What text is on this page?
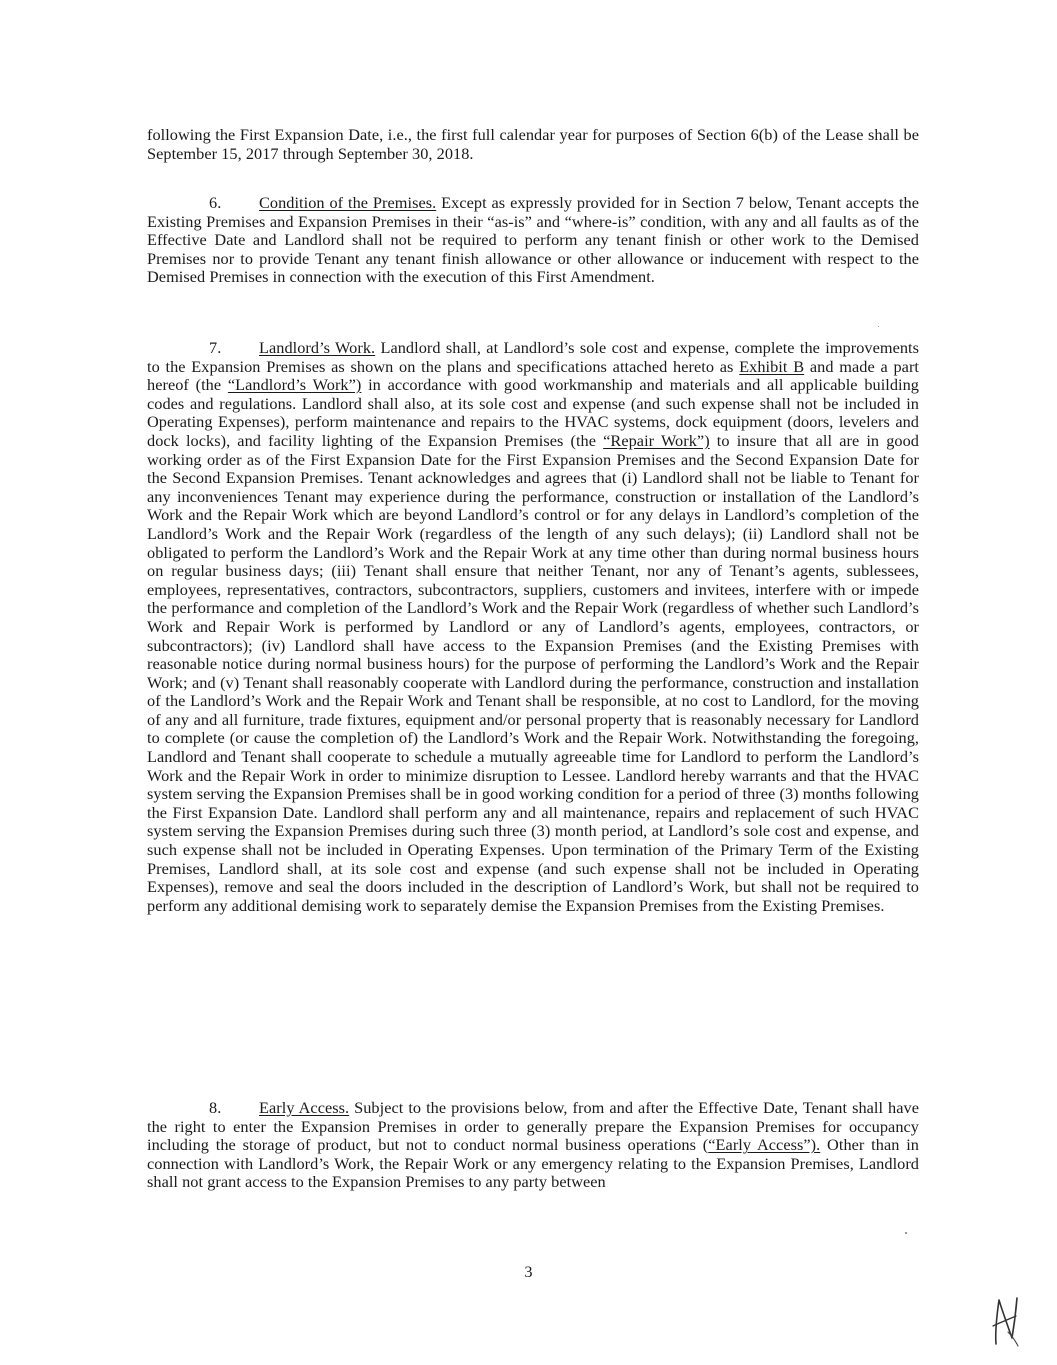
following the First Expansion Date, i.e., the first full calendar year for purposes of Section 6(b) of the Lease shall be September 15, 2017 through September 30, 2018.
6. Condition of the Premises. Except as expressly provided for in Section 7 below, Tenant accepts the Existing Premises and Expansion Premises in their “as-is” and “where-is” condition, with any and all faults as of the Effective Date and Landlord shall not be required to perform any tenant finish or other work to the Demised Premises nor to provide Tenant any tenant finish allowance or other allowance or inducement with respect to the Demised Premises in connection with the execution of this First Amendment.
7. Landlord’s Work. Landlord shall, at Landlord’s sole cost and expense, complete the improvements to the Expansion Premises as shown on the plans and specifications attached hereto as Exhibit B and made a part hereof (the “Landlord’s Work”) in accordance with good workmanship and materials and all applicable building codes and regulations. Landlord shall also, at its sole cost and expense (and such expense shall not be included in Operating Expenses), perform maintenance and repairs to the HVAC systems, dock equipment (doors, levelers and dock locks), and facility lighting of the Expansion Premises (the “Repair Work”) to insure that all are in good working order as of the First Expansion Date for the First Expansion Premises and the Second Expansion Date for the Second Expansion Premises. Tenant acknowledges and agrees that (i) Landlord shall not be liable to Tenant for any inconveniences Tenant may experience during the performance, construction or installation of the Landlord’s Work and the Repair Work which are beyond Landlord’s control or for any delays in Landlord’s completion of the Landlord’s Work and the Repair Work (regardless of the length of any such delays); (ii) Landlord shall not be obligated to perform the Landlord’s Work and the Repair Work at any time other than during normal business hours on regular business days; (iii) Tenant shall ensure that neither Tenant, nor any of Tenant’s agents, sublessees, employees, representatives, contractors, subcontractors, suppliers, customers and invitees, interfere with or impede the performance and completion of the Landlord’s Work and the Repair Work (regardless of whether such Landlord’s Work and Repair Work is performed by Landlord or any of Landlord’s agents, employees, contractors, or subcontractors); (iv) Landlord shall have access to the Expansion Premises (and the Existing Premises with reasonable notice during normal business hours) for the purpose of performing the Landlord’s Work and the Repair Work; and (v) Tenant shall reasonably cooperate with Landlord during the performance, construction and installation of the Landlord’s Work and the Repair Work and Tenant shall be responsible, at no cost to Landlord, for the moving of any and all furniture, trade fixtures, equipment and/or personal property that is reasonably necessary for Landlord to complete (or cause the completion of) the Landlord’s Work and the Repair Work. Notwithstanding the foregoing, Landlord and Tenant shall cooperate to schedule a mutually agreeable time for Landlord to perform the Landlord’s Work and the Repair Work in order to minimize disruption to Lessee. Landlord hereby warrants and that the HVAC system serving the Expansion Premises shall be in good working condition for a period of three (3) months following the First Expansion Date. Landlord shall perform any and all maintenance, repairs and replacement of such HVAC system serving the Expansion Premises during such three (3) month period, at Landlord’s sole cost and expense, and such expense shall not be included in Operating Expenses. Upon termination of the Primary Term of the Existing Premises, Landlord shall, at its sole cost and expense (and such expense shall not be included in Operating Expenses), remove and seal the doors included in the description of Landlord’s Work, but shall not be required to perform any additional demising work to separately demise the Expansion Premises from the Existing Premises.
8. Early Access. Subject to the provisions below, from and after the Effective Date, Tenant shall have the right to enter the Expansion Premises in order to generally prepare the Expansion Premises for occupancy including the storage of product, but not to conduct normal business operations (“Early Access”). Other than in connection with Landlord’s Work, the Repair Work or any emergency relating to the Expansion Premises, Landlord shall not grant access to the Expansion Premises to any party between
3
